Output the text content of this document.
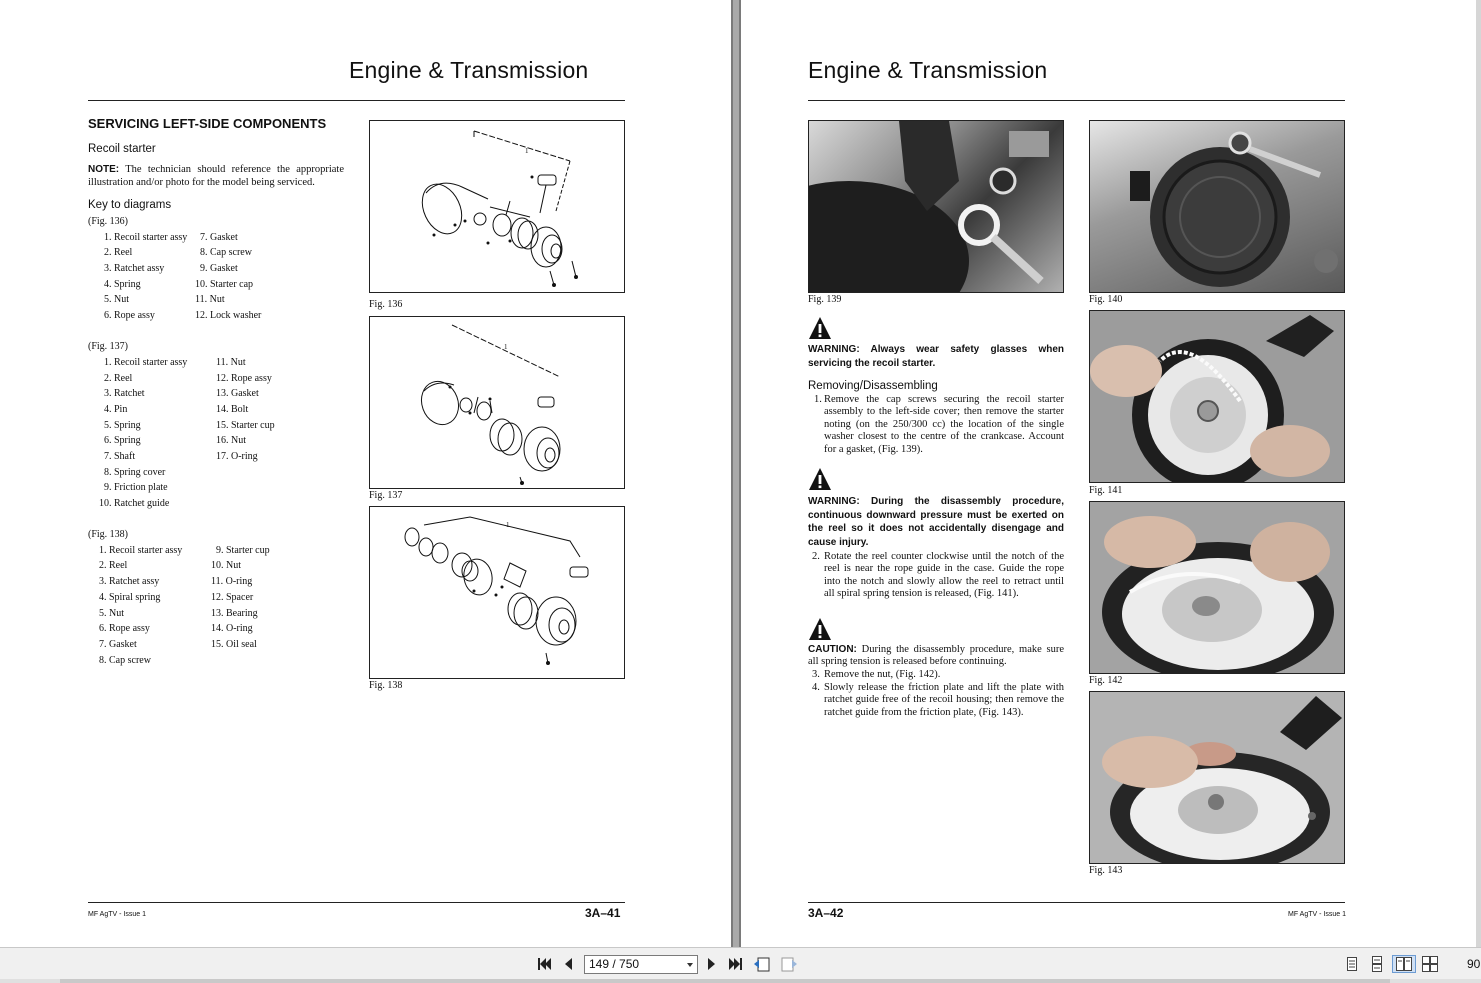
Engine & Transmission
SERVICING LEFT-SIDE COMPONENTS
Recoil starter
NOTE: The technician should reference the appropriate illustration and/or photo for the model being serviced.
Key to diagrams
(Fig. 136)
1. Recoil starter assy
2. Reel
3. Ratchet assy
4. Spring
5. Nut
6. Rope assy
7. Gasket
8. Cap screw
9. Gasket
10. Starter cap
11. Nut
12. Lock washer
(Fig. 137)
1. Recoil starter assy
2. Reel
3. Ratchet
4. Pin
5. Spring
6. Spring
7. Shaft
8. Spring cover
9. Friction plate
10. Ratchet guide
11. Nut
12. Rope assy
13. Gasket
14. Bolt
15. Starter cup
16. Nut
17. O-ring
(Fig. 138)
1. Recoil starter assy
2. Reel
3. Ratchet assy
4. Spiral spring
5. Nut
6. Rope assy
7. Gasket
8. Cap screw
9. Starter cup
10. Nut
11. O-ring
12. Spacer
13. Bearing
14. O-ring
15. Oil seal
1
Fig. 136
1
Fig. 137
1
Fig. 138
MF AgTV - Issue 1	3A–41
Engine & Transmission
Fig. 139	Fig. 140
Fig. 141
Fig. 142
Fig. 143
WARNING: Always wear safety glasses when servicing the recoil starter.
Removing/Disassembling
1. Remove the cap screws securing the recoil starter assembly to the left-side cover; then remove the starter noting (on the 250/300 cc) the location of the single washer closest to the centre of the crankcase. Account for a gasket, (Fig. 139).
WARNING: During the disassembly procedure, continuous downward pressure must be exerted on the reel so it does not accidentally disengage and cause injury.
2. Rotate the reel counter clockwise until the notch of the reel is near the rope guide in the case. Guide the rope into the notch and slowly allow the reel to retract until all spiral spring tension is released, (Fig. 141).
CAUTION: During the disassembly procedure, make sure all spring tension is released before continuing.
3. Remove the nut, (Fig. 142).
4. Slowly release the friction plate and lift the plate with ratchet guide free of the recoil housing; then remove the ratchet guide from the friction plate, (Fig. 143).
3A–42	MF AgTV - Issue 1
149 / 750	90
